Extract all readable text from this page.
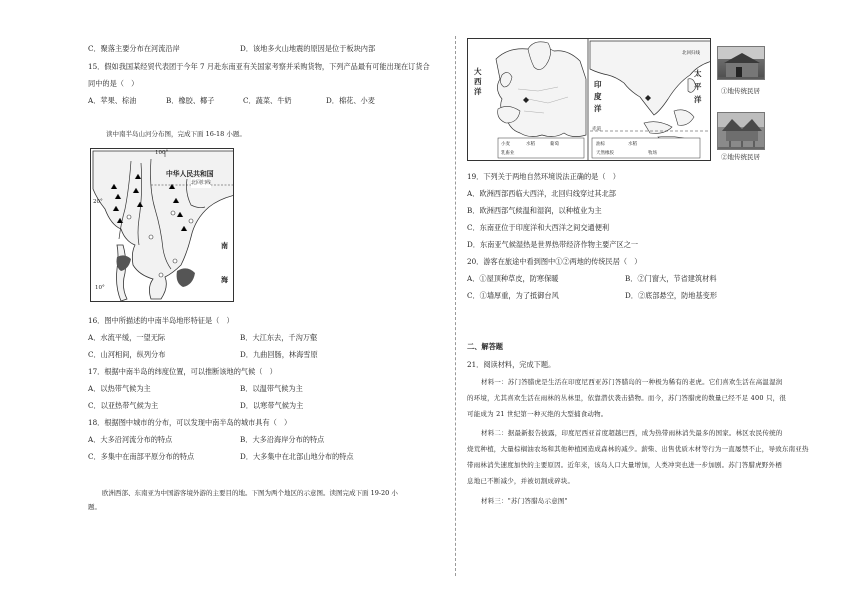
C．聚落主要分布在河流沿岸	D．该地多火山地震的原因是位于板块内部
15．假如我国某经贸代表团于今年 7 月赴东南亚有关国家考察并采购货物，下列产品最有可能出现在订货合
同中的是（　）
A．苹果、棕油	B．橡胶、椰子	C．蔬菜、牛奶	D．棉花、小麦
读中南半岛山河分布图，完成下面 16-18 小题。
中华人民共和国
北回归线
100°
20°
10°
南
海
16．图中所描述的中南半岛地形特征是（　）
A．水流平缓，一望无际	B．大江东去，千沟万壑
C．山河相间，纵列分布	D．九曲回肠，林海雪原
17．根据中南半岛的纬度位置，可以推断该地的气候（　）
A．以热带气候为主	B．以温带气候为主
C．以亚热带气候为主	D．以寒带气候为主
18．根据图中城市的分布，可以发现中南半岛的城市具有（　）
A．大多沿河流分布的特点	B．大多沿海岸分布的特点
C．多集中在南部平原分布的特点	D．大多集中在北部山地分布的特点
欧洲西部、东南亚为中国游客境外游的主要目的地。下图为两个地区的示意图。读图完成下面 19-20 小
题。
大
西
洋
太
平
洋
印
度
洋
北回归线
赤道
小麦	水稻	葡萄
乳畜业
油棕	水稻
天然橡胶	牧场
①地传统民居
②地传统民居
19．下列关于两地自然环境说法正确的是（　）
A．欧洲西部西临大西洋，北回归线穿过其北部
B．欧洲西部气候温和湿润，以种植业为主
C．东南亚位于印度洋和大西洋之间交通便利
D．东南亚气候湿热是世界热带经济作物主要产区之一
20．游客在旅途中看到图中①②两地的传统民居（　）
A．①屋顶种草皮，防寒保暖	B．②门窗大，节省建筑材料
C．①墙厚重，为了抵御台风	D．②底部悬空，防地基变形
二、解答题
21．阅读材料，完成下题。
材料一：苏门答腊虎是生活在印度尼西亚苏门答腊岛的一种极为稀有的老虎。它们喜欢生活在高温湿润
的环境，尤其喜欢生活在雨林的丛林里，依靠潜伏袭击猎物。而今，苏门答腊虎的数量已经不足 400 只，很
可能成为 21 世纪第一种灭绝的大型捕食动物。
材料二：据最新报告披露，印度尼西亚首度超越巴西，成为热带雨林消失最多的国家。林区农民传统的
烧荒种植，大量棕榈油农场和其他种植园造成森林的减少。薪柴、出售优质木材等行为一直屡禁不止，导致东南亚热
带雨林消失速度加快的主要原因。近年来，该岛人口大量增加，人类冲突也进一步加剧。苏门答腊虎野外栖
息地已不断减少，并被切割成碎块。
材料三："苏门答腊岛示意图"
